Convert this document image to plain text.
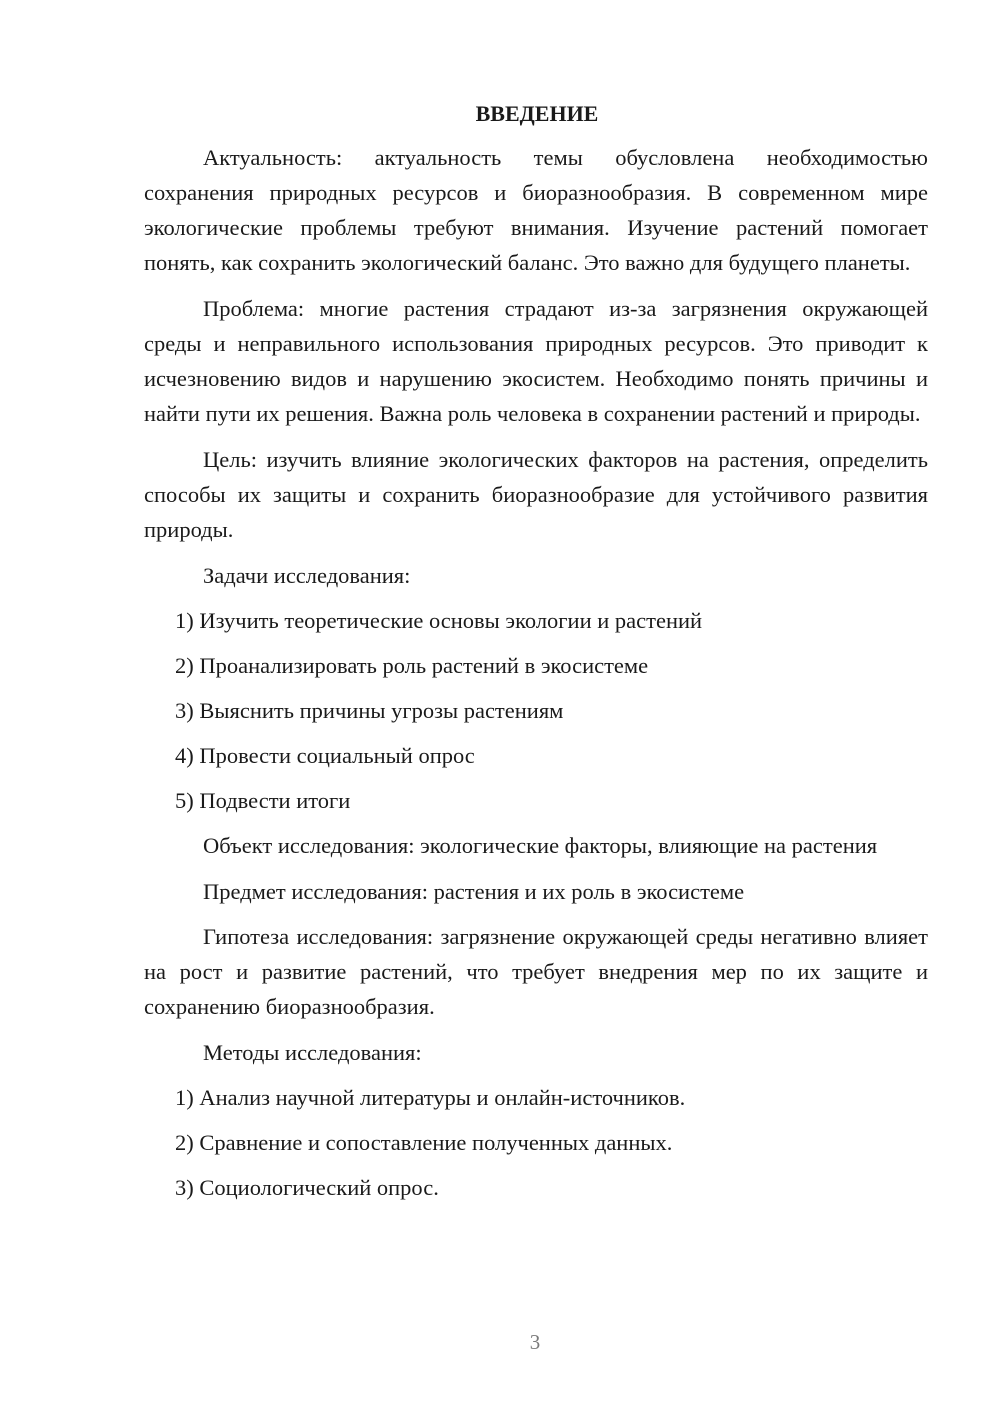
ВВЕДЕНИЕ

Актуальность: актуальность темы обусловлена необходимостью сохранения природных ресурсов и биоразнообразия. В современном мире экологические проблемы требуют внимания. Изучение растений помогает понять, как сохранить экологический баланс. Это важно для будущего планеты.

Проблема: многие растения страдают из-за загрязнения окружающей среды и неправильного использования природных ресурсов. Это приводит к исчезновению видов и нарушению экосистем. Необходимо понять причины и найти пути их решения. Важна роль человека в сохранении растений и природы.

Цель: изучить влияние экологических факторов на растения, определить способы их защиты и сохранить биоразнообразие для устойчивого развития природы.

Задачи исследования:

1) Изучить теоретические основы экологии и растений
2) Проанализировать роль растений в экосистеме
3) Выяснить причины угрозы растениям
4) Провести социальный опрос
5) Подвести итоги

Объект исследования: экологические факторы, влияющие на растения

Предмет исследования: растения и их роль в экосистеме

Гипотеза исследования: загрязнение окружающей среды негативно влияет на рост и развитие растений, что требует внедрения мер по их защите и сохранению биоразнообразия.

Методы исследования:

1) Анализ научной литературы и онлайн-источников.
2) Сравнение и сопоставление полученных данных.
3) Социологический опрос.
3
